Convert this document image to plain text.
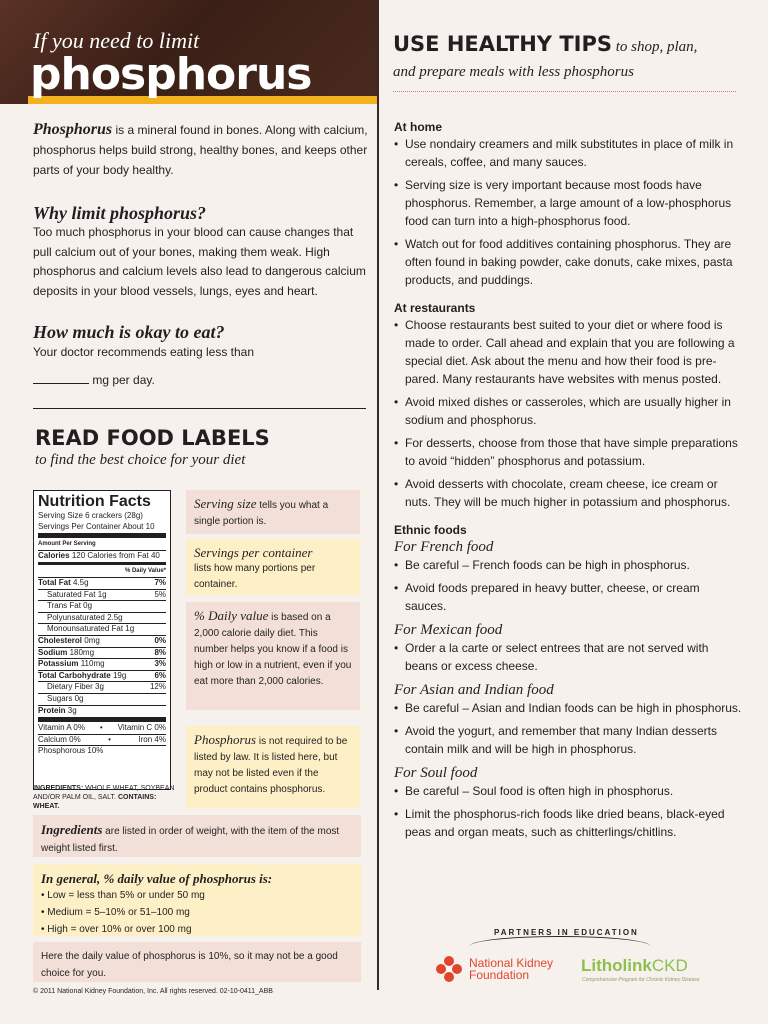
If you need to limit
phosphorus
Phosphorus is a mineral found in bones. Along with calcium, phosphorus helps build strong, healthy bones, and keeps other parts of your body healthy.
Why limit phosphorus?
Too much phosphorus in your blood can cause changes that pull calcium out of your bones, making them weak. High phosphorus and calcium levels also lead to dangerous calcium deposits in your blood vessels, lungs, eyes and heart.
How much is okay to eat?
Your doctor recommends eating less than
mg per day.
READ FOOD LABELS
to find the best choice for your diet
Nutrition Facts
Serving Size 6 crackers (28g)
Servings Per Container About 10
Amount Per Serving
Calories 120 Calories from Fat 40
% Daily Value*
Total Fat 4.5g	7%
Saturated Fat 1g	5%
Trans Fat 0g
Polyunsaturated 2.5g
Monounsaturated Fat 1g
Cholesterol 0mg	0%
Sodium 180mg	8%
Potassium 110mg	3%
Total Carbohydrate 19g	6%
Dietary Fiber 3g	12%
Sugars 0g
Protein 3g
Vitamin A 0% • Vitamin C 0%
Calcium 0%	•	Iron 4%
Phosphorous 10%
INGREDIENTS: WHOLE WHEAT, SOYBEAN AND/OR PALM OIL, SALT. CONTAINS: WHEAT.
Serving size tells you what a single portion is.
Servings per container
lists how many portions per container.
% Daily value is based on a 2,000 calorie daily diet. This number helps you know if a food is high or low in a nutrient, even if you eat more than 2,000 calories.
Phosphorus is not required to be listed by law. It is listed here, but may not be listed even if the product contains phosphorus.
Ingredients are listed in order of weight, with the item of the most weight listed first.
In general, % daily value of phosphorus is:
• Low = less than 5% or under 50 mg
• Medium = 5–10% or 51–100 mg
• High = over 10% or over 100 mg
Here the daily value of phosphorus is 10%, so it may not be a good choice for you.
© 2011 National Kidney Foundation, Inc. All rights reserved. 02-10-0411_ABB
USE HEALTHY TIPS to shop, plan,
and prepare meals with less phosphorus
At home
• Use nondairy creamers and milk substitutes in place of milk in cereals, coffee, and many sauces.
• Serving size is very important because most foods have phosphorus. Remember, a large amount of a low-phosphorus food can turn into a high-phosphorus food.
• Watch out for food additives containing phosphorus. They are often found in baking powder, cake donuts, cake mixes, pasta products, and puddings.
At restaurants
• Choose restaurants best suited to your diet or where food is made to order. Call ahead and explain that you are following a special diet. Ask about the menu and how their food is pre-pared. Many restaurants have websites with menus posted.
• Avoid mixed dishes or casseroles, which are usually higher in sodium and phosphorus.
• For desserts, choose from those that have simple preparations to avoid “hidden” phosphorus and potassium.
• Avoid desserts with chocolate, cream cheese, ice cream or nuts. They will be much higher in potassium and phosphorus.
Ethnic foods
For French food
• Be careful – French foods can be high in phosphorus.
• Avoid foods prepared in heavy butter, cheese, or cream sauces.
For Mexican food
• Order a la carte or select entrees that are not served with beans or excess cheese.
For Asian and Indian food
• Be careful – Asian and Indian foods can be high in phosphorus.
• Avoid the yogurt, and remember that many Indian desserts contain milk and will be high in phosphorus.
For Soul food
• Be careful – Soul food is often high in phosphorus.
• Limit the phosphorus-rich foods like dried beans, black-eyed peas and organ meats, such as chitterlings/chitlins.
PARTNERS IN EDUCATION
National Kidney
Foundation	LitholinkCKD
Comprehensive Program for Chronic Kidney Disease
